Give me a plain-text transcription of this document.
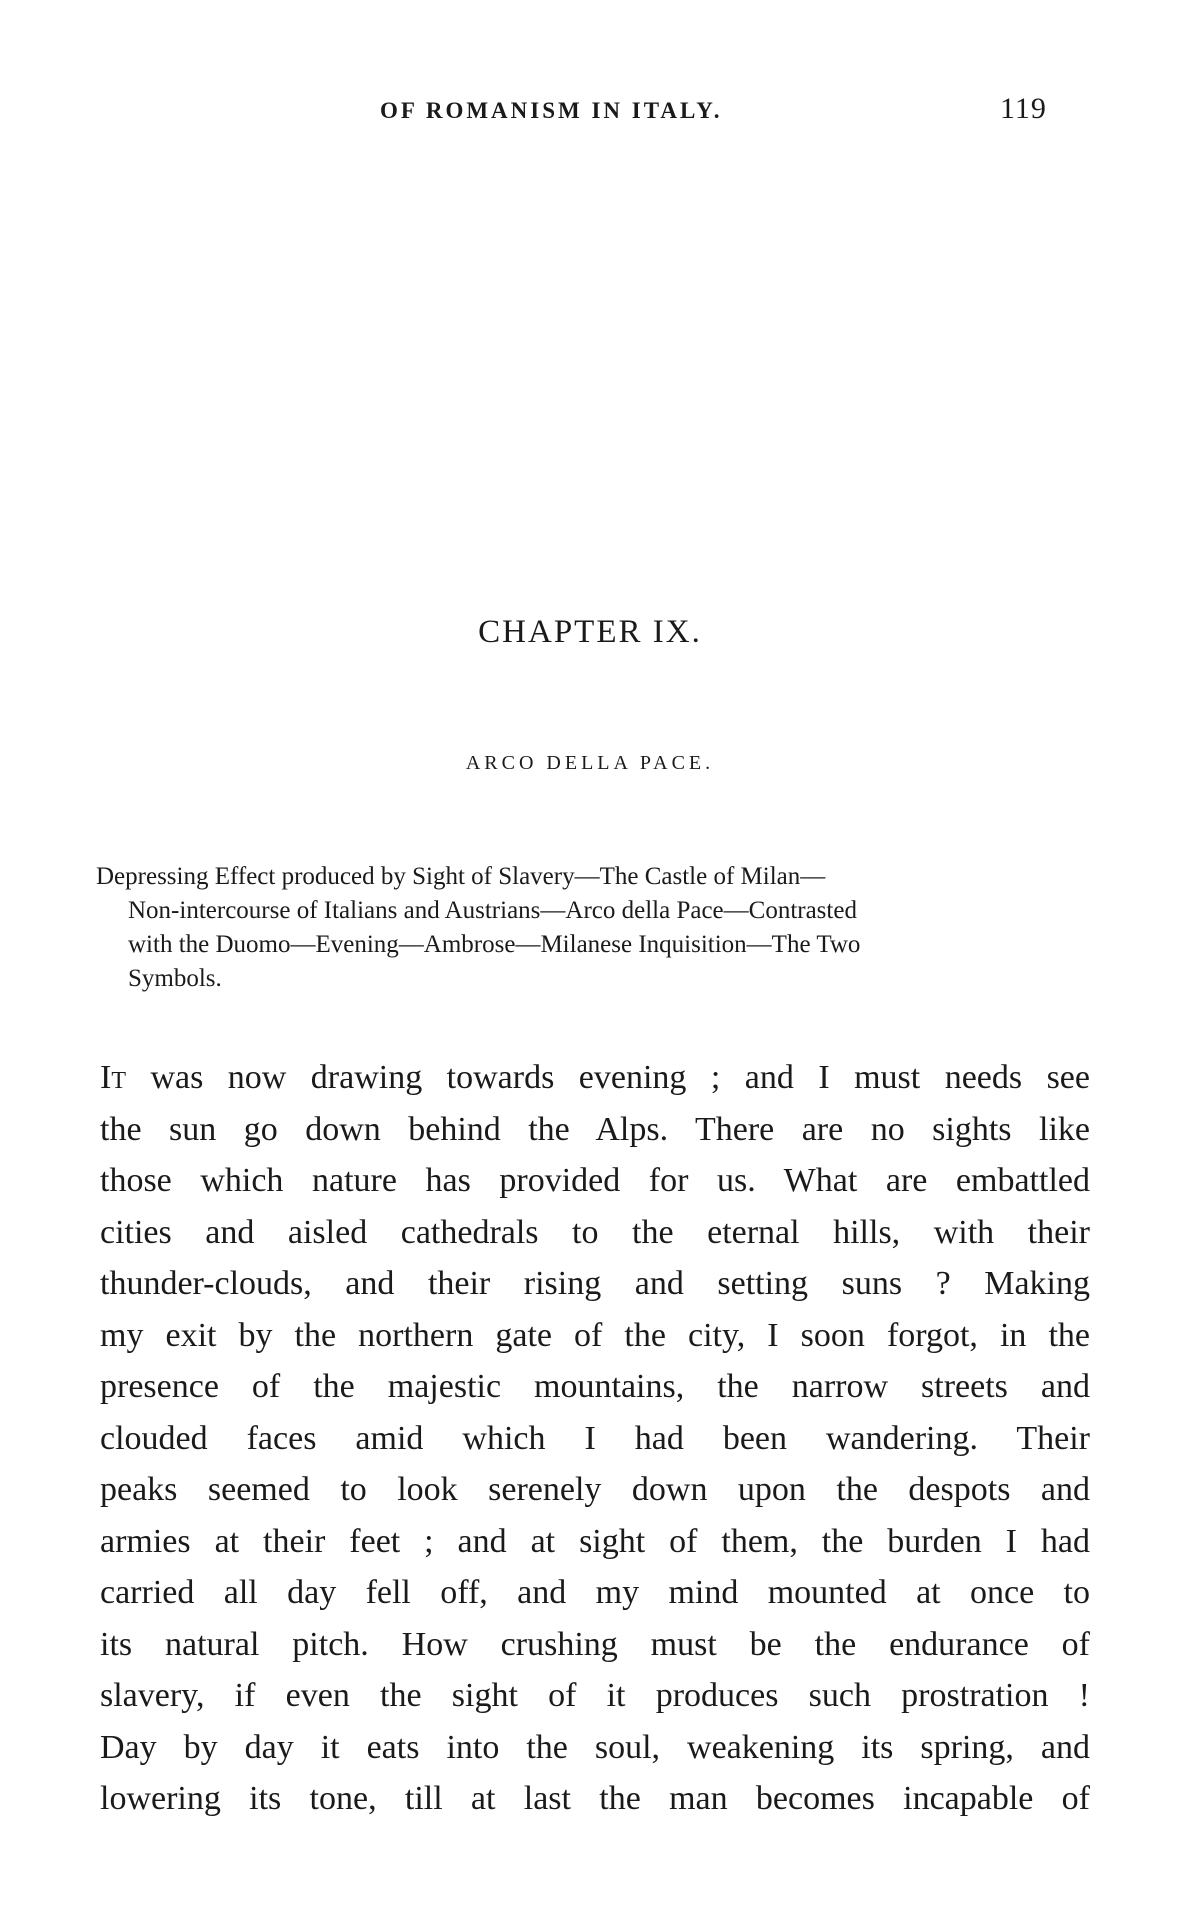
OF ROMANISM IN ITALY.	119
CHAPTER IX.
ARCO DELLA PACE.
Depressing Effect produced by Sight of Slavery—The Castle of Milan—
Non-intercourse of Italians and Austrians—Arco della Pace—Contrasted
with the Duomo—Evening—Ambrose—Milanese Inquisition—The Two
Symbols.
It was now drawing towards evening ; and I must needs see
the sun go down behind the Alps. There are no sights like
those which nature has provided for us. What are embattled
cities and aisled cathedrals to the eternal hills, with their
thunder-clouds, and their rising and setting suns ? Making
my exit by the northern gate of the city, I soon forgot, in the
presence of the majestic mountains, the narrow streets and
clouded faces amid which I had been wandering. Their
peaks seemed to look serenely down upon the despots and
armies at their feet ; and at sight of them, the burden I had
carried all day fell off, and my mind mounted at once to
its natural pitch. How crushing must be the endurance of
slavery, if even the sight of it produces such prostration !
Day by day it eats into the soul, weakening its spring, and
lowering its tone, till at last the man becomes incapable of
